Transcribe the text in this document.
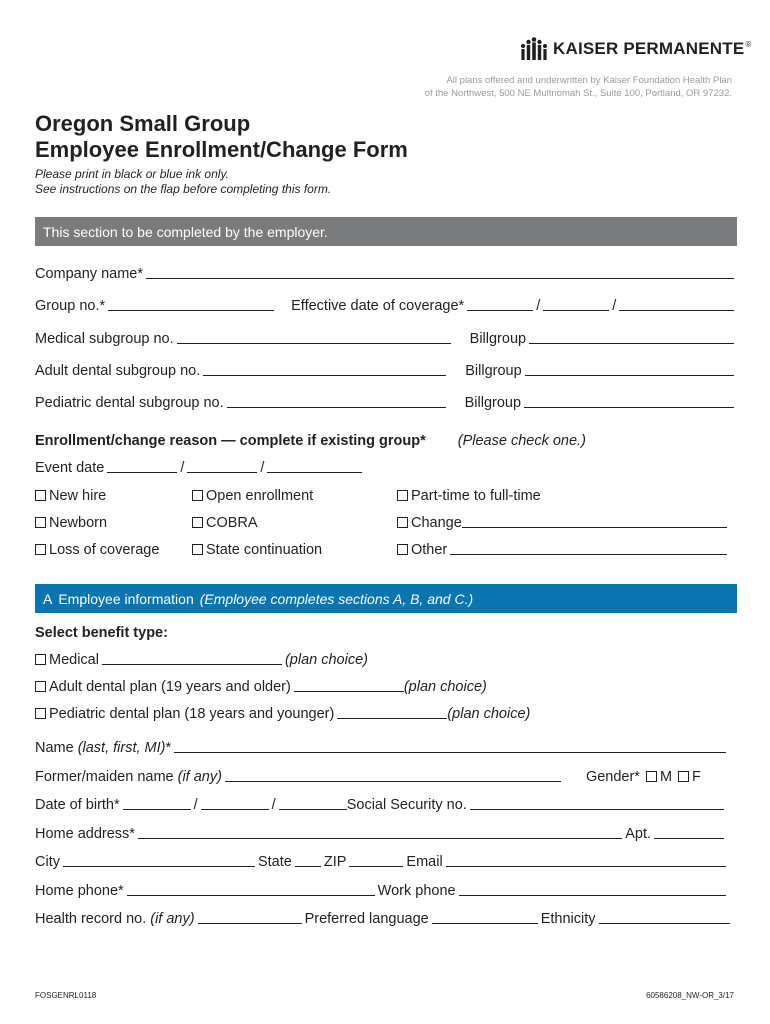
KAISER PERMANENTE®
All plans offered and underwritten by Kaiser Foundation Health Plan
of the Northwest, 500 NE Multnomah St., Suite 100, Portland, OR 97232.
Oregon Small Group
Employee Enrollment/Change Form
Please print in black or blue ink only.
See instructions on the flap before completing this form.
This section to be completed by the employer.
Company name*
Group no.*	Effective date of coverage*	/	/
Medical subgroup no.	Billgroup
Adult dental subgroup no.	Billgroup
Pediatric dental subgroup no.	Billgroup
Enrollment/change reason — complete if existing group* (Please check one.)
Event date	/	/
New hire	Open enrollment	Part-time to full-time
Newborn	COBRA	Change
Loss of coverage	State continuation	Other
A Employee information (Employee completes sections A, B, and C.)
Select benefit type:
Medical	(plan choice)
Adult dental plan (19 years and older)	(plan choice)
Pediatric dental plan (18 years and younger)	(plan choice)
Name (last, first, MI) *
Former/maiden name (if any)	Gender* M F
Date of birth*	/	/	Social Security no.
Home address*	Apt.
City	State ZIP	Email
Home phone*	Work phone
Health record no. (if any)	Preferred language	Ethnicity
FOSGENRL0118	60586208_NW-OR_3/17
